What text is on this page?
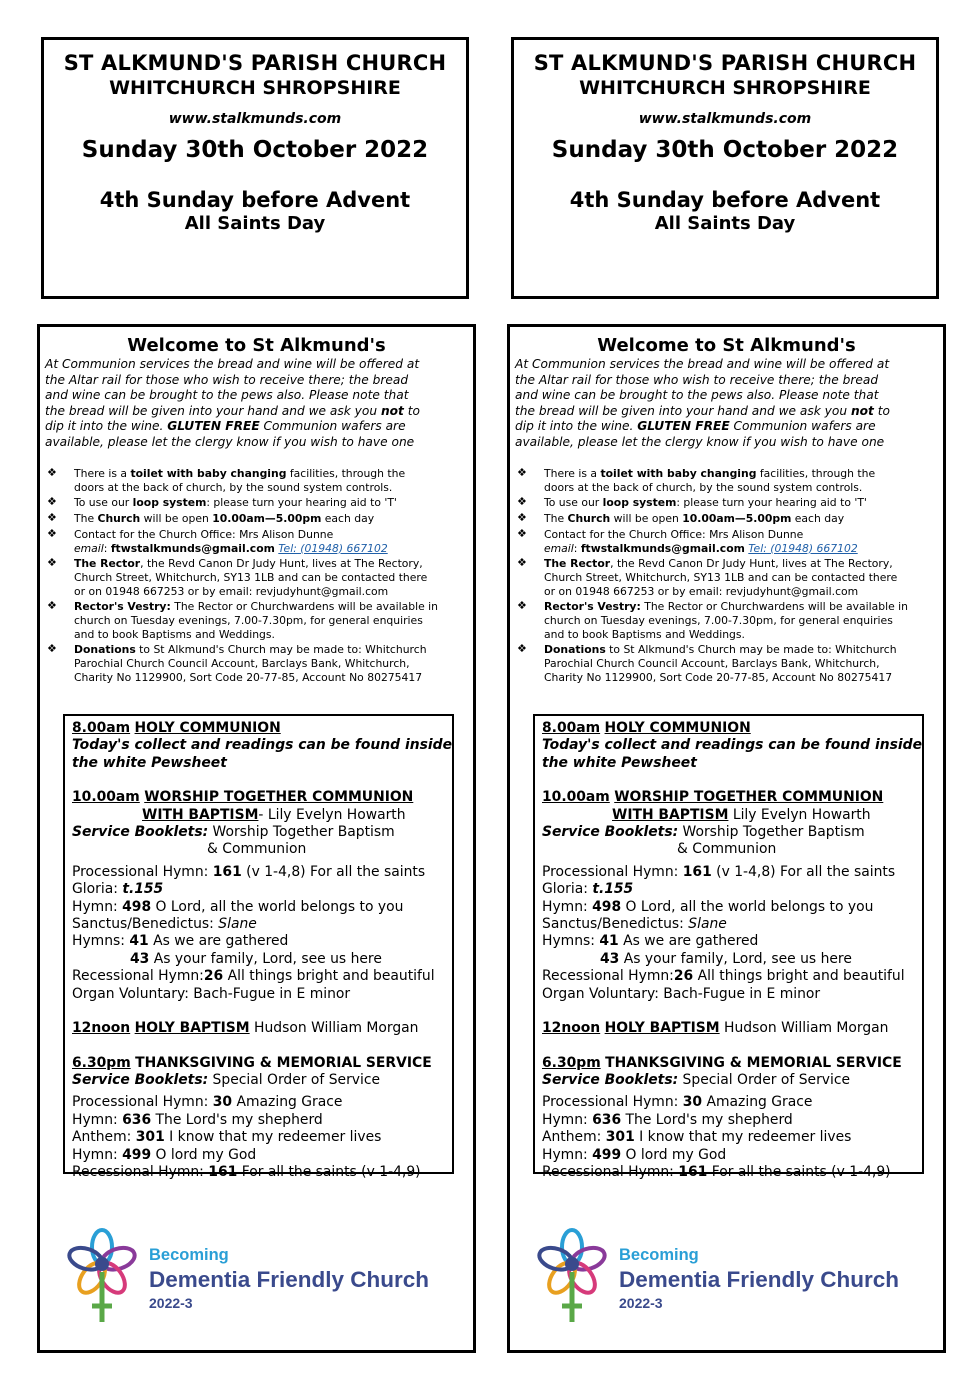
ST ALKMUND'S PARISH CHURCH
WHITCHURCH SHROPSHIRE
www.stalkmunds.com
Sunday 30th October 2022
4th Sunday before Advent
All Saints Day
Welcome to St Alkmund's
At Communion services the bread and wine will be offered at
the Altar rail for those who wish to receive there; the bread
and wine can be brought to the pews also. Please note that
the bread will be given into your hand and we ask you not to
dip it into the wine. GLUTEN FREE Communion wafers are
available, please let the clergy know if you wish to have one
❖ There is a toilet with baby changing facilities, through the
doors at the back of church, by the sound system controls.
❖ To use our loop system: please turn your hearing aid to 'T'
❖ The Church will be open 10.00am—5.00pm each day
❖ Contact for the Church Office: Mrs Alison Dunne
email: ftwstalkmunds@gmail.com Tel: (01948) 667102
❖ The Rector, the Revd Canon Dr Judy Hunt, lives at The Rectory,
Church Street, Whitchurch, SY13 1LB and can be contacted there
or on 01948 667253 or by email: revjudyhunt@gmail.com
❖ Rector's Vestry: The Rector or Churchwardens will be available in
church on Tuesday evenings, 7.00-7.30pm, for general enquiries
and to book Baptisms and Weddings.
❖ Donations to St Alkmund's Church may be made to: Whitchurch
Parochial Church Council Account, Barclays Bank, Whitchurch,
Charity No 1129900, Sort Code 20-77-85, Account No 80275417
8.00am HOLY COMMUNION
Today's collect and readings can be found inside
the white Pewsheet
10.00am WORSHIP TOGETHER COMMUNION
WITH BAPTISM- Lily Evelyn Howarth
Service Booklets: Worship Together Baptism
& Communion
Processional Hymn: 161 (v 1-4,8) For all the saints
Gloria: t.155
Hymn: 498 O Lord, all the world belongs to you
Sanctus/Benedictus: Slane
Hymns: 41 As we are gathered
43 As your family, Lord, see us here
Recessional Hymn:26 All things bright and beautiful
Organ Voluntary: Bach-Fugue in E minor
12noon HOLY BAPTISM Hudson William Morgan
6.30pm THANKSGIVING & MEMORIAL SERVICE
Service Booklets: Special Order of Service
Processional Hymn: 30 Amazing Grace
Hymn: 636 The Lord's my shepherd
Anthem: 301 I know that my redeemer lives
Hymn: 499 O lord my God
Recessional Hymn: 161 For all the saints (v 1-4,9)
Becoming
Dementia Friendly Church
2022-3
ST ALKMUND'S PARISH CHURCH
WHITCHURCH SHROPSHIRE
www.stalkmunds.com
Sunday 30th October 2022
4th Sunday before Advent
All Saints Day
Welcome to St Alkmund's
At Communion services the bread and wine will be offered at
the Altar rail for those who wish to receive there; the bread
and wine can be brought to the pews also. Please note that
the bread will be given into your hand and we ask you not to
dip it into the wine. GLUTEN FREE Communion wafers are
available, please let the clergy know if you wish to have one
❖ There is a toilet with baby changing facilities, through the
doors at the back of church, by the sound system controls.
❖ To use our loop system: please turn your hearing aid to 'T'
❖ The Church will be open 10.00am—5.00pm each day
❖ Contact for the Church Office: Mrs Alison Dunne
email: ftwstalkmunds@gmail.com Tel: (01948) 667102
❖ The Rector, the Revd Canon Dr Judy Hunt, lives at The Rectory,
Church Street, Whitchurch, SY13 1LB and can be contacted there
or on 01948 667253 or by email: revjudyhunt@gmail.com
❖ Rector's Vestry: The Rector or Churchwardens will be available in
church on Tuesday evenings, 7.00-7.30pm, for general enquiries
and to book Baptisms and Weddings.
❖ Donations to St Alkmund's Church may be made to: Whitchurch
Parochial Church Council Account, Barclays Bank, Whitchurch,
Charity No 1129900, Sort Code 20-77-85, Account No 80275417
8.00am HOLY COMMUNION
Today's collect and readings can be found inside
the white Pewsheet
10.00am WORSHIP TOGETHER COMMUNION
WITH BAPTISM Lily Evelyn Howarth
Service Booklets: Worship Together Baptism
& Communion
Processional Hymn: 161 (v 1-4,8) For all the saints
Gloria: t.155
Hymn: 498 O Lord, all the world belongs to you
Sanctus/Benedictus: Slane
Hymns: 41 As we are gathered
43 As your family, Lord, see us here
Recessional Hymn:26 All things bright and beautiful
Organ Voluntary: Bach-Fugue in E minor
12noon HOLY BAPTISM Hudson William Morgan
6.30pm THANKSGIVING & MEMORIAL SERVICE
Service Booklets: Special Order of Service
Processional Hymn: 30 Amazing Grace
Hymn: 636 The Lord's my shepherd
Anthem: 301 I know that my redeemer lives
Hymn: 499 O lord my God
Recessional Hymn: 161 For all the saints (v 1-4,9)
Becoming
Dementia Friendly Church
2022-3
